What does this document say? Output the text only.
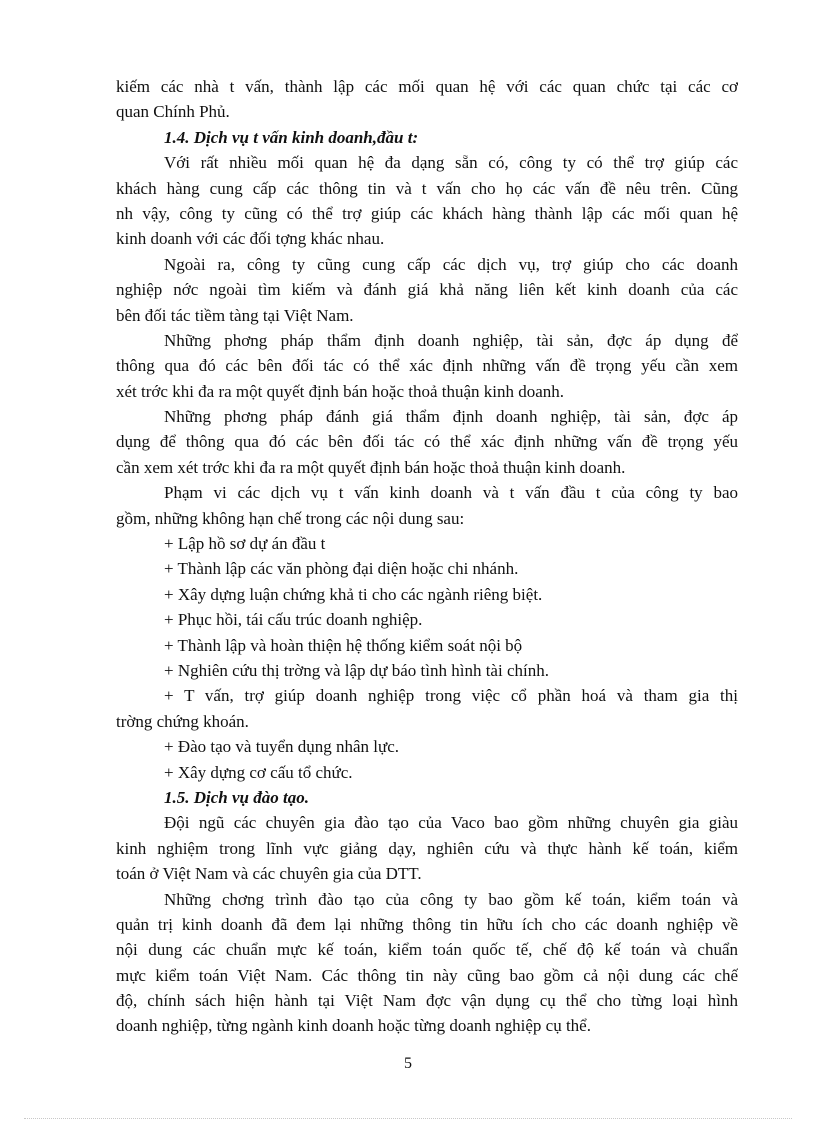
kiếm các nhà t vấn, thành lập các mối quan hệ với các quan chức tại các cơ
quan Chính Phủ.
1.4. Dịch vụ t vấn kinh doanh,đầu t:
Với rất nhiều mối quan hệ đa dạng sẵn có, công ty có thể trợ giúp các
khách hàng cung cấp các thông tin và t vấn cho họ các vấn đề nêu trên. Cũng
nh vậy, công ty cũng có thể trợ giúp các khách hàng thành lập các mối quan hệ
kinh doanh với các đối tợng khác nhau.
Ngoài ra, công ty cũng cung cấp các dịch vụ, trợ giúp cho các doanh
nghiệp nớc ngoài tìm kiếm và đánh giá khả năng liên kết kinh doanh của các
bên đối tác tiềm tàng tại Việt Nam.
Những phơng pháp thẩm định doanh nghiệp, tài sản, đợc áp dụng để
thông qua đó các bên đối tác có thể xác định những vấn đề trọng yếu cần xem
xét trớc khi đa ra một quyết định bán hoặc thoả thuận kinh doanh.
Những phơng pháp đánh giá thẩm định doanh nghiệp, tài sản, đợc áp
dụng để thông qua đó các bên đối tác có thể xác định những vấn đề trọng yếu
cần xem xét trớc khi đa ra một quyết định bán hoặc thoả thuận kinh doanh.
Phạm vi các dịch vụ t vấn kinh doanh và t vấn đầu t của công ty bao
gồm, những không hạn chế trong các nội dung sau:
+ Lập hồ sơ dự án đầu t
+ Thành lập các văn phòng đại diện hoặc chi nhánh.
+ Xây dựng luận chứng khả ti cho các ngành riêng biệt.
+ Phục hồi, tái cấu trúc doanh nghiệp.
+ Thành lập và hoàn thiện hệ thống kiểm soát nội bộ
+ Nghiên cứu thị trờng và lập dự báo tình hình tài chính.
+ T vấn, trợ giúp doanh nghiệp trong việc cổ phần hoá và tham gia thị
trờng chứng khoán.
+ Đào tạo và tuyển dụng nhân lực.
+ Xây dựng cơ cấu tổ chức.
1.5. Dịch vụ đào tạo.
Đội ngũ các chuyên gia đào tạo của Vaco bao gồm những chuyên gia giàu
kinh nghiệm trong lĩnh vực giảng dạy, nghiên cứu và thực hành kế toán, kiểm
toán ở Việt Nam và các chuyên gia của DTT.
Những chơng trình đào tạo của công ty bao gồm kế toán, kiểm toán và
quản trị kinh doanh đã đem lại những thông tin hữu ích cho các doanh nghiệp về
nội dung các chuẩn mực kế toán, kiểm toán quốc tế, chế độ kế toán và chuẩn
mực kiểm toán Việt Nam. Các thông tin này cũng bao gồm cả nội dung các chế
độ, chính sách hiện hành tại Việt Nam đợc vận dụng cụ thể cho từng loại hình
doanh nghiệp, từng ngành kinh doanh hoặc từng doanh nghiệp cụ thể.
5
